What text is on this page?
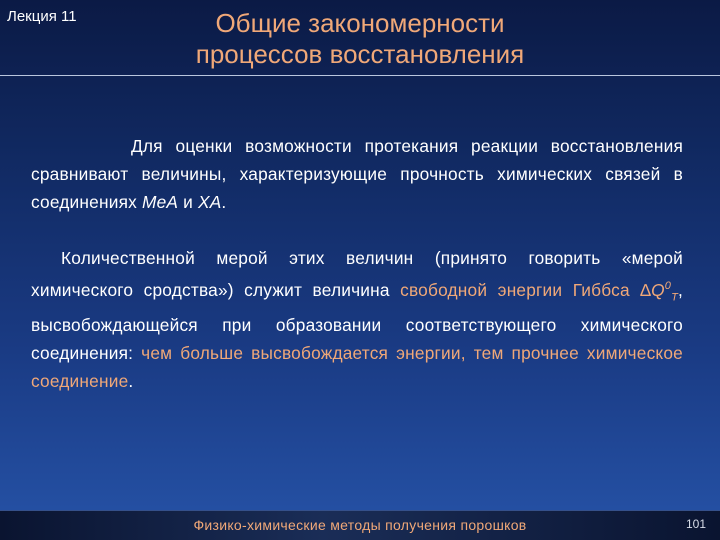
Лекция 11	Общие закономерности
процессов восстановления

Для оценки возможности протекания реакции восстановления сравнивают величины, характеризующие прочность химических связей в соединениях МеА и ХА.

Количественной мерой этих величин (принято говорить «мерой химического сродства») служит величина свободной энергии Гиббса $\Delta Q^0_T$, высвобождающейся при образовании соответствующего химического соединения: чем больше высвобождается энергии, тем прочнее химическое соединение.

Физико-химические методы получения порошков	101
